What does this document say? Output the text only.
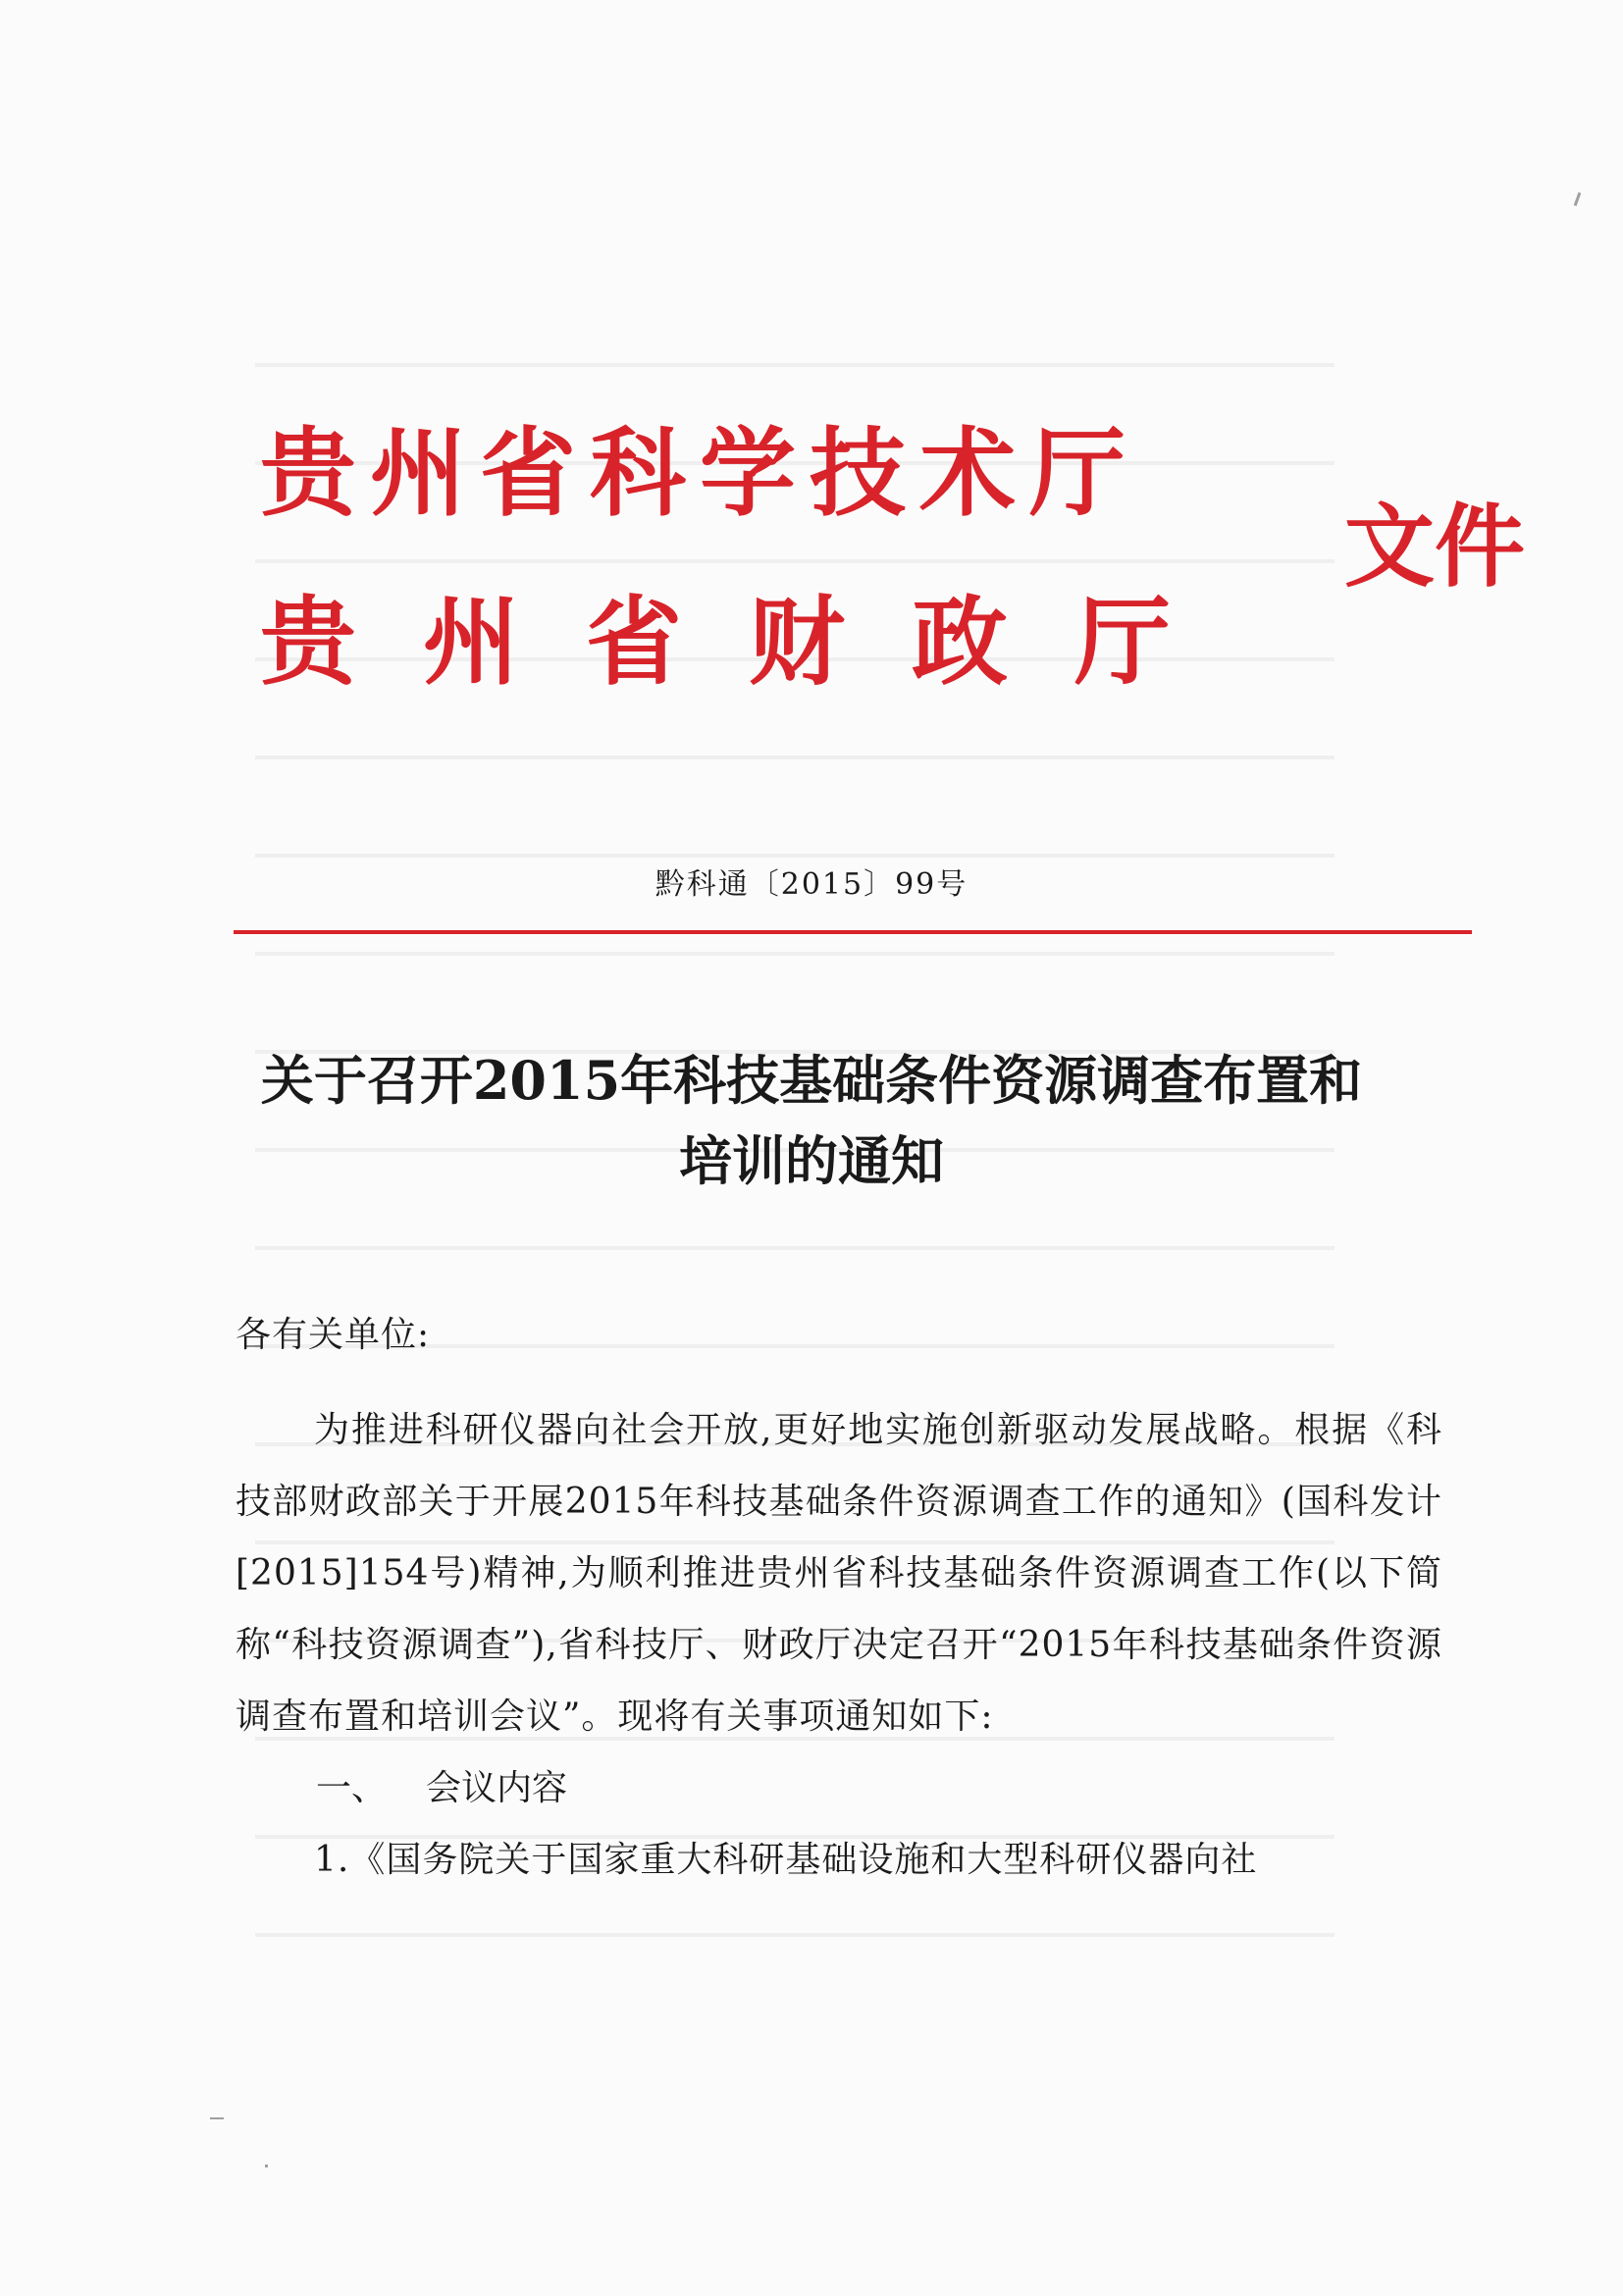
贵州省科学技术厅
贵州省财政厅
文件
黔科通〔2015〕99号
关于召开2015年科技基础条件资源调查布置和
培训的通知

各有关单位:

为推进科研仪器向社会开放,更好地实施创新驱动发展战略。根据《科技部财政部关于开展2015年科技基础条件资源调查工作的通知》(国科发计[2015]154号)精神,为顺利推进贵州省科技基础条件资源调查工作(以下简称“科技资源调查”),省科技厅、财政厅决定召开“2015年科技基础条件资源调查布置和培训会议”。现将有关事项通知如下:

一、 会议内容

1.《国务院关于国家重大科研基础设施和大型科研仪器向社
